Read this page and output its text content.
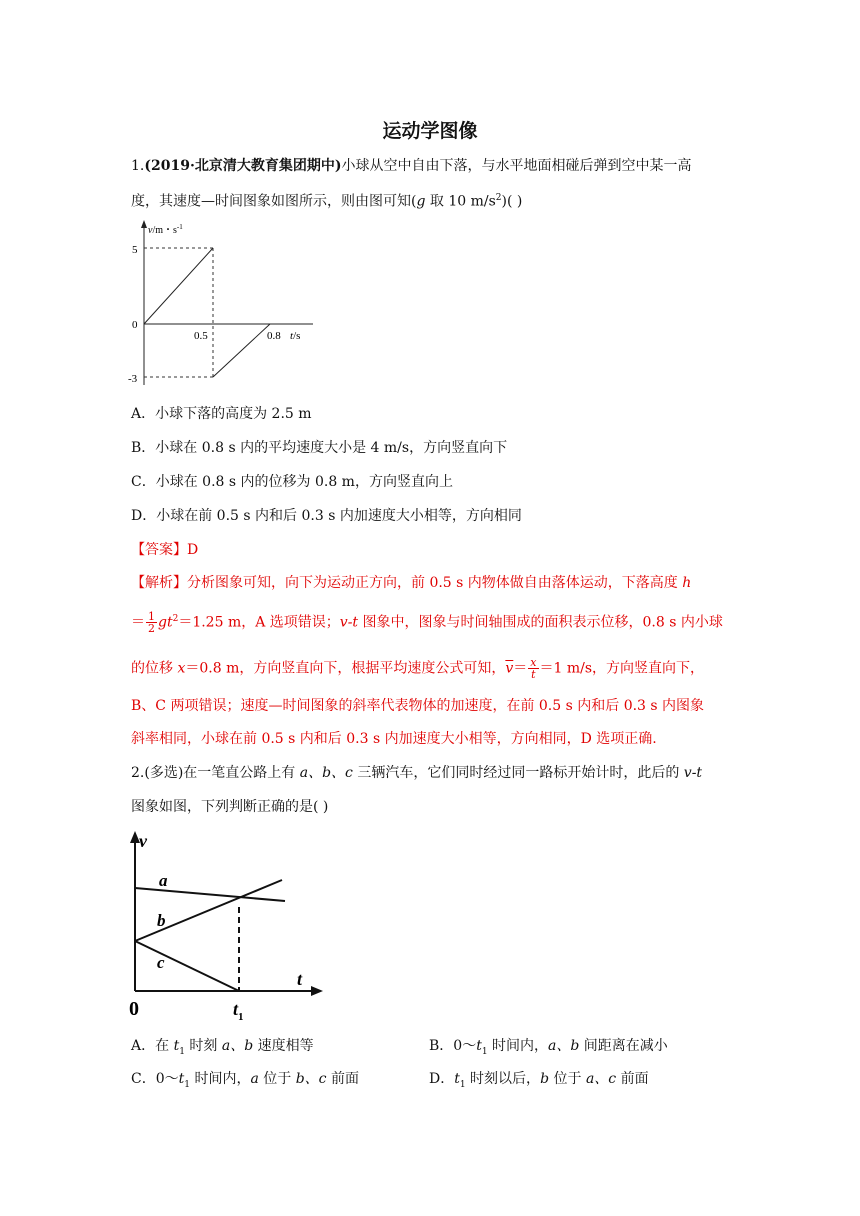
运动学图像
1.(2019·北京清大教育集团期中)小球从空中自由下落，与水平地面相碰后弹到空中某一高
度，其速度—时间图象如图所示，则由图可知(g 取 10 $m/s^2$)( )
v/m・$s^{-1}$
5
0
-3
0.5	0.8 t/s
A．小球下落的高度为 2.5 m
B．小球在 0.8 s 内的平均速度大小是 4 m/s，方向竖直向下
C．小球在 0.8 s 内的位移为 0.8 m，方向竖直向上
D．小球在前 0.5 s 内和后 0.3 s 内加速度大小相等，方向相同
【答案】D
【解析】分析图象可知，向下为运动正方向，前 0.5 s 内物体做自由落体运动，下落高度 h
＝ $\frac{1}{2} gt^2=1.25$ m，A 选项错误；v-t 图象中，图象与时间轴围成的面积表示位移，0.8 s 内小球
的位移 x＝0.8 m，方向竖直向下，根据平均速度公式可知，$\overline{v}= \frac{x}{t} =1$ m/s，方向竖直向下，
B、C 两项错误；速度—时间图象的斜率代表物体的加速度，在前 0.5 s 内和后 0.3 s 内图象
斜率相同，小球在前 0.5 s 内和后 0.3 s 内加速度大小相等，方向相同，D 选项正确.
2.(多选)在一笔直公路上有 a、b、c 三辆汽车，它们同时经过同一路标开始计时，此后的 v-t
图象如图，下列判断正确的是( )
v
t
0	$t_1$
a
b
c
A．在 $t_1$ 时刻 a、b 速度相等	B．$0\sim t_1$ 时间内，a、b 间距离在减小
C．$0\sim t_1$ 时间内，a 位于 b、c 前面	D．$t_1$ 时刻以后，b 位于 a、c 前面
